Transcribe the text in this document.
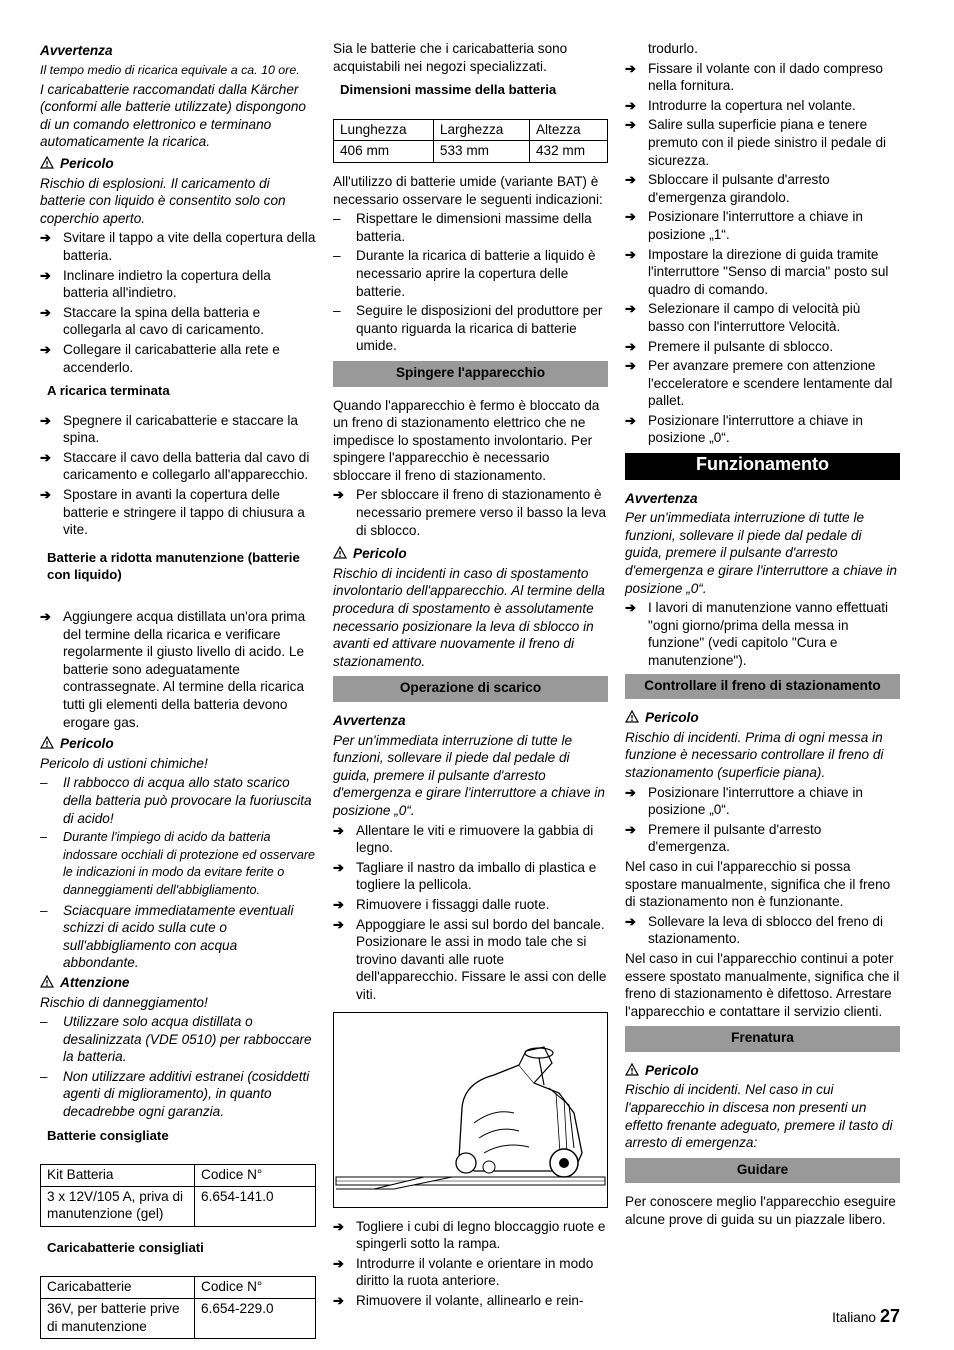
Avvertenza

Il tempo medio di ricarica equivale a ca. 10 ore.

I caricabatterie raccomandati dalla Kärcher (conformi alle batterie utilizzate) dispongono di un comando elettronico e terminano automaticamente la ricarica.

Pericolo

Rischio di esplosioni. Il caricamento di batterie con liquido è consentito solo con coperchio aperto.

➔ Svitare il tappo a vite della copertura della batteria.

➔ Inclinare indietro la copertura della batteria all'indietro.

➔ Staccare la spina della batteria e collegarla al cavo di caricamento.

➔ Collegare il caricabatterie alla rete e accenderlo.

A ricarica terminata

➔ Spegnere il caricabatterie e staccare la spina.

➔ Staccare il cavo della batteria dal cavo di caricamento e collegarlo all'apparecchio.

➔ Spostare in avanti la copertura delle batterie e stringere il tappo di chiusura a vite.

Batterie a ridotta manutenzione (batterie con liquido)

➔ Aggiungere acqua distillata un'ora prima del termine della ricarica e verificare regolarmente il giusto livello di acido. Le batterie sono adeguatamente contrassegnate. Al termine della ricarica tutti gli elementi della batteria devono erogare gas.

Pericolo

Pericolo di ustioni chimiche!

– Il rabbocco di acqua allo stato scarico della batteria può provocare la fuoriuscita di acido!

– Durante l'impiego di acido da batteria indossare occhiali di protezione ed osservare le indicazioni in modo da evitare ferite o danneggiamenti dell'abbigliamento.

– Sciacquare immediatamente eventuali schizzi di acido sulla cute o sull'abbigliamento con acqua abbondante.

Attenzione

Rischio di danneggiamento!

– Utilizzare solo acqua distillata o desalinizzata (VDE 0510) per rabboccare la batteria.

– Non utilizzare additivi estranei (cosiddetti agenti di miglioramento), in quanto decadrebbe ogni garanzia.

Batterie consigliate

Kit Batteria	Codice N°
3 x 12V/105 A, priva di manutenzione (gel)	6.654-141.0

Caricabatterie consigliati

Caricabatterie	Codice N°
36V, per batterie prive di manutenzione	6.654-229.0

Sia le batterie che i caricabatteria sono acquistabili nei negozi specializzati.

Dimensioni massime della batteria

Lunghezza	Larghezza	Altezza
406 mm	533 mm	432 mm

All'utilizzo di batterie umide (variante BAT) è necessario osservare le seguenti indicazioni:

– Rispettare le dimensioni massime della batteria.

– Durante la ricarica di batterie a liquido è necessario aprire la copertura delle batterie.

– Seguire le disposizioni del produttore per quanto riguarda la ricarica di batterie umide.

Spingere l'apparecchio

Quando l'apparecchio è fermo è bloccato da un freno di stazionamento elettrico che ne impedisce lo spostamento involontario. Per spingere l'apparecchio è necessario sbloccare il freno di stazionamento.

➔ Per sbloccare il freno di stazionamento è necessario premere verso il basso la leva di sblocco.

Pericolo

Rischio di incidenti in caso di spostamento involontario dell'apparecchio. Al termine della procedura di spostamento è assolutamente necessario posizionare la leva di sblocco in avanti ed attivare nuovamente il freno di stazionamento.

Operazione di scarico

Avvertenza

Per un'immediata interruzione di tutte le funzioni, sollevare il piede dal pedale di guida, premere il pulsante d'arresto d'emergenza e girare l'interruttore a chiave in posizione „0“.

➔ Allentare le viti e rimuovere la gabbia di legno.

➔ Tagliare il nastro da imballo di plastica e togliere la pellicola.

➔ Rimuovere i fissaggi dalle ruote.

➔ Appoggiare le assi sul bordo del bancale. Posizionare le assi in modo tale che si trovino davanti alle ruote dell'apparecchio. Fissare le assi con delle viti.

➔ Togliere i cubi di legno bloccaggio ruote e spingerli sotto la rampa.

➔ Introdurre il volante e orientare in modo diritto la ruota anteriore.

➔ Rimuovere il volante, allinearlo e rein-

trodurlo.

➔ Fissare il volante con il dado compreso nella fornitura.

➔ Introdurre la copertura nel volante.

➔ Salire sulla superficie piana e tenere premuto con il piede sinistro il pedale di sicurezza.

➔ Sbloccare il pulsante d'arresto d'emergenza girandolo.

➔ Posizionare l'interruttore a chiave in posizione „1“.

➔ Impostare la direzione di guida tramite l'interruttore "Senso di marcia" posto sul quadro di comando.

➔ Selezionare il campo di velocità più basso con l'interruttore Velocità.

➔ Premere il pulsante di sblocco.

➔ Per avanzare premere con attenzione l'ecceleratore e scendere lentamente dal pallet.

➔ Posizionare l'interruttore a chiave in posizione „0“.

Funzionamento

Avvertenza

Per un'immediata interruzione di tutte le funzioni, sollevare il piede dal pedale di guida, premere il pulsante d'arresto d'emergenza e girare l'interruttore a chiave in posizione „0“.

➔ I lavori di manutenzione vanno effettuati "ogni giorno/prima della messa in funzione" (vedi capitolo "Cura e manutenzione").

Controllare il freno di stazionamento

Pericolo

Rischio di incidenti. Prima di ogni messa in funzione è necessario controllare il freno di stazionamento (superficie piana).

➔ Posizionare l'interruttore a chiave in posizione „0“.

➔ Premere il pulsante d'arresto d'emergenza.

Nel caso in cui l'apparecchio si possa spostare manualmente, significa che il freno di stazionamento non è funzionante.

➔ Sollevare la leva di sblocco del freno di stazionamento.

Nel caso in cui l'apparecchio continui a poter essere spostato manualmente, significa che il freno di stazionamento è difettoso. Arrestare l'apparecchio e contattare il servizio clienti.

Frenatura

Pericolo

Rischio di incidenti. Nel caso in cui l'apparecchio in discesa non presenti un effetto frenante adeguato, premere il tasto di arresto di emergenza:

Guidare

Per conoscere meglio l'apparecchio eseguire alcune prove di guida su un piazzale libero.

Italiano 27
